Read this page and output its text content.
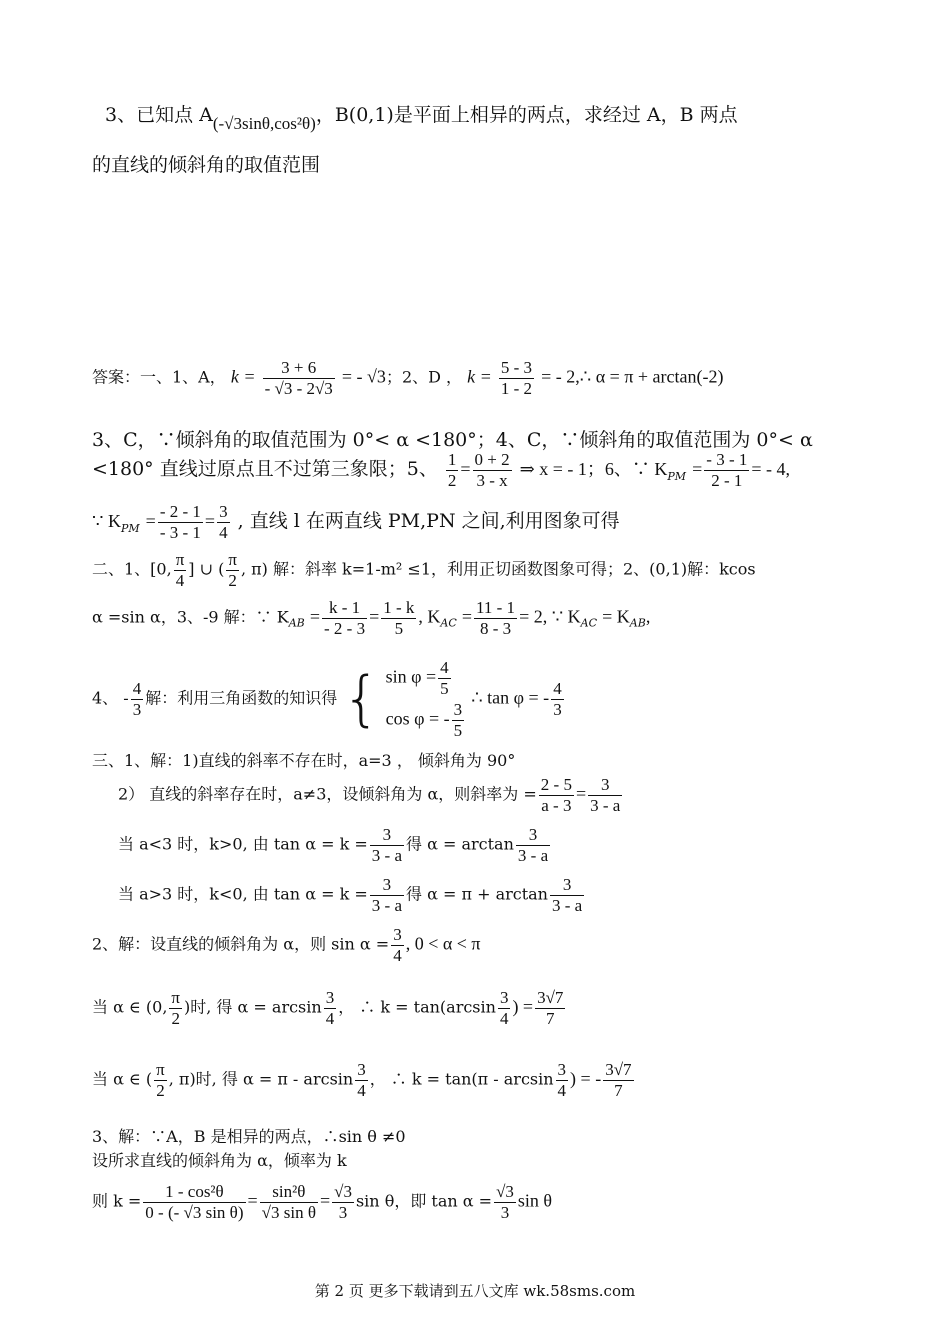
3、已知点 A(-√3sinθ,cos²θ)，B(0,1)是平面上相异的两点，求经过 A，B 两点
的直线的倾斜角的取值范围
答案：一、1、A， $k = \frac{3 + 6}{- √3 - 2√3}$ = - √3；2、D ， $k = \frac{5 - 3}{1 - 2}$ = - 2,∴ α = π + arctan(-2)
3、C，∵倾斜角的取值范围为 0°< α <180°；4、C，∵倾斜角的取值范围为 0°< α
<180° 直线过原点且不过第三象限；5、 $\frac{1}{2} = \frac{0 + 2}{3 - x}$ ⇒ x = - 1；6、∵ $K_{PM} = \frac{- 3 - 1}{2 - 1}$ = - 4,
∵ $K_{PM} = \frac{- 2 - 1}{- 3 - 1} = \frac{3}{4}$ , 直线 l 在两直线 PM,PN 之间,利用图象可得
二、1、[0, $\frac{\pi}{4}$ ] ∪ ( $\frac{\pi}{2}$ , π) 解：斜率 k=1-m² ≤1，利用正切函数图象可得；2、(0,1)解：kcos
α =sin α，3、-9 解：∵ $K_{AB} = \frac{k - 1}{- 2 - 3} = \frac{1 - k}{5}$ , $K_{AC} = \frac{11 - 1}{8 - 3} = 2$, ∵ $K_{AC} = K_{AB}$,
4、 - $\frac{4}{3}$ 解：利用三角函数的知识得 { $\sin \varphi = \frac{4}{5}$
cos φ = - $\frac{3}{5}$
∴ tan φ = - $\frac{4}{3}$
三、1、解：1)直线的斜率不存在时，a=3 ， 倾斜角为 90°
2） 直线的斜率存在时，a≠3，设倾斜角为 α，则斜率为 = $\frac{2 - 5}{a - 3} = \frac{3}{3 - a}$
当 a<3 时，k>0, 由 $\tan \alpha = k = \frac{3}{3 - a}$ 得 $\alpha = \arctan \frac{3}{3 - a}$
当 a>3 时，k<0, 由 $\tan \alpha = k = \frac{3}{3 - a}$ 得 $\alpha = \pi + \arctan \frac{3}{3 - a}$
2、解：设直线的倾斜角为 α，则 $\sin \alpha = \frac{3}{4}$ , 0 < α < π
当 α ∈ (0, $\frac{\pi}{2}$ )时, 得 $\alpha = \arcsin \frac{3}{4}$ ， ∴ $k = \tan(\arcsin \frac{3}{4}$ ) = $\frac{3√7}{7}$
当 α ∈ ( $\frac{\pi}{2}$ , π)时, 得 $\alpha = \pi - \arcsin \frac{3}{4}$ ， ∴ $k = \tan(\pi - \arcsin \frac{3}{4}$ ) = - $\frac{3√7}{7}$
3、解：∵A，B 是相异的两点，∴sin θ ≠0
设所求直线的倾斜角为 α，倾率为 k
则 $k = \frac{\text{1 - cos²θ}}{\text{0 - (- √3 sin θ)}} = \frac{\text{sin²θ}}{\text{√3 sin θ}} = \frac{√3}{3}$ sin θ，即 $\tan \alpha = \frac{√3}{3}$ sin θ
第 2 页 更多下载请到五八文库 wk.58sms.com
